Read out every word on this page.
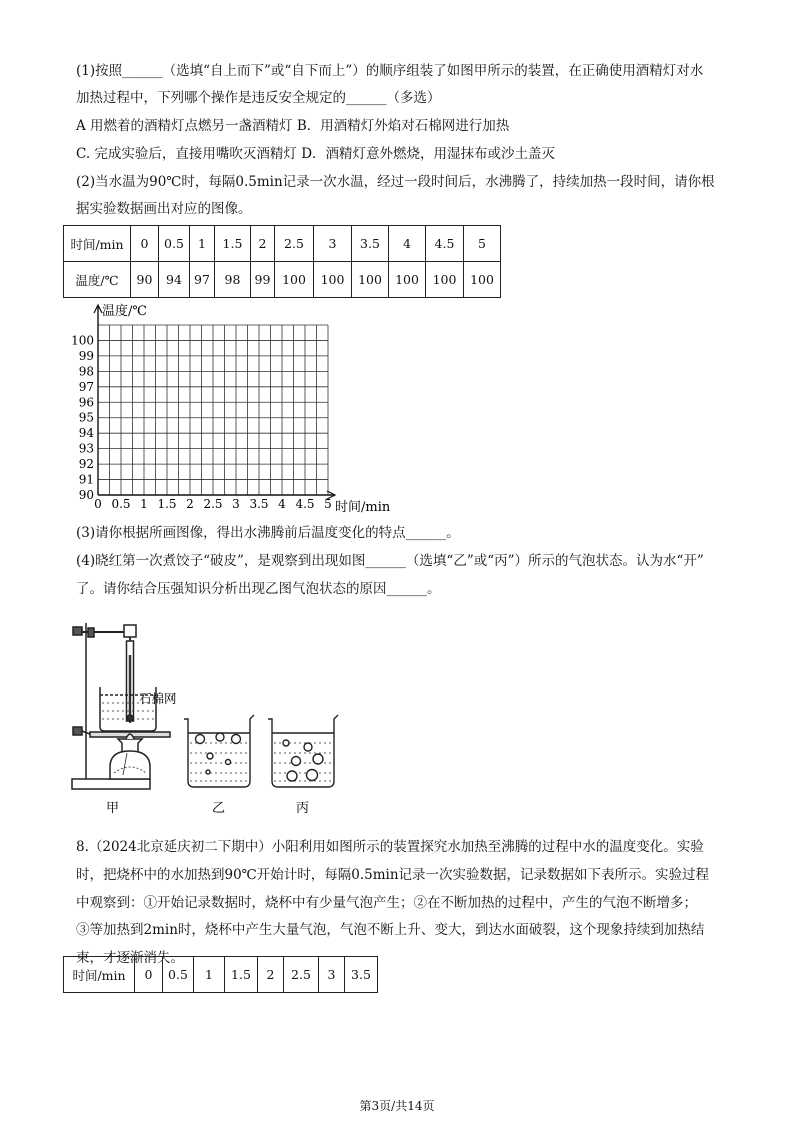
(1)按照______（选填“自上而下”或“自下而上”）的顺序组装了如图甲所示的装置，在正确使用酒精灯对水
加热过程中，下列哪个操作是违反安全规定的______（多选）
A 用燃着的酒精灯点燃另一盏酒精灯 B．用酒精灯外焰对石棉网进行加热
C. 完成实验后，直接用嘴吹灭酒精灯 D．酒精灯意外燃烧，用湿抹布或沙土盖灭
(2)当水温为90℃时，每隔0.5min记录一次水温，经过一段时间后，水沸腾了，持续加热一段时间，请你根
据实验数据画出对应的图像。
时间/min	0	0.5	1	1.5	2	2.5	3	3.5	4	4.5	5
温度/℃	90	94	97	98	99	100	100	100	100	100	100
90
91
92
93
94
95
96
97
98
99
100
0 0.5 1 1.5 2 2.5 3 3.5 4 4.5 5
温度/℃
时间/min
(3)请你根据所画图像，得出水沸腾前后温度变化的特点______。
(4)晓红第一次煮饺子“破皮”，是观察到出现如图______（选填“乙”或“丙”）所示的气泡状态。认为水“开”
了。请你结合压强知识分析出现乙图气泡状态的原因______。
石棉网
甲	乙	丙
8.（2024北京延庆初二下期中）小阳利用如图所示的装置探究水加热至沸腾的过程中水的温度变化。实验
时，把烧杯中的水加热到90℃开始计时，每隔0.5min记录一次实验数据，记录数据如下表所示。实验过程
中观察到：①开始记录数据时，烧杯中有少量气泡产生；②在不断加热的过程中，产生的气泡不断增多；
③等加热到2min时，烧杯中产生大量气泡，气泡不断上升、变大，到达水面破裂，这个现象持续到加热结
束，才逐渐消失。
时间/min	0	0.5	1	1.5	2	2.5	3	3.5
第3页/共14页
